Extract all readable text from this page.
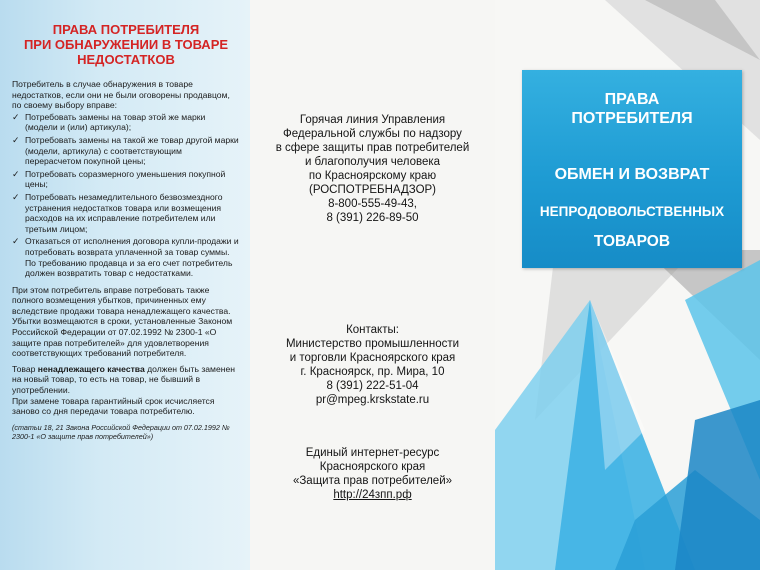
ПРАВА ПОТРЕБИТЕЛЯ
ПРИ ОБНАРУЖЕНИИ В ТОВАРЕ
НЕДОСТАТКОВ

Потребитель в случае обнаружения в товаре недостатков, если они не были оговорены продавцом, по своему выбору вправе:

✓ Потребовать замены на товар этой же марки (модели и (или) артикула);
✓ Потребовать замены на такой же товар другой марки (модели, артикула) с соответствующим перерасчетом покупной цены;
✓ Потребовать соразмерного уменьшения покупной цены;
✓ Потребовать незамедлительного безвозмездного устранения недостатков товара или возмещения расходов на их исправление потребителем или третьим лицом;
✓ Отказаться от исполнения договора купли-продажи и потребовать возврата уплаченной за товар суммы. По требованию продавца и за его счет потребитель должен возвратить товар с недостатками.

При этом потребитель вправе потребовать также полного возмещения убытков, причиненных ему вследствие продажи товара ненадлежащего качества. Убытки возмещаются в сроки, установленные Законом Российской Федерации от 07.02.1992 № 2300-1 «О защите прав потребителей» для удовлетворения соответствующих требований потребителя.

Товар ненадлежащего качества должен быть заменен на новый товар, то есть на товар, не бывший в употреблении.

При замене товара гарантийный срок исчисляется заново со дня передачи товара потребителю.

(статьи 18, 21 Закона Российской Федерации от 07.02.1992 № 2300-1 «О защите прав потребителей»)

Горячая линия Управления
Федеральной службы по надзору
в сфере защиты прав потребителей
и благополучия человека
по Красноярскому краю
(РОСПОТРЕБНАДЗОР)
8-800-555-49-43,
8 (391) 226-89-50
Контакты:
Министерство промышленности
и торговли Красноярского края
г. Красноярск, пр. Мира, 10
8 (391) 222-51-04
pr@mpeg.krskstate.ru
Единый интернет-ресурс
Красноярского края
«Защита прав потребителей»
http://24зпп.рф
ПРАВА
ПОТРЕБИТЕЛЯ
ОБМЕН И ВОЗВРАТ
НЕПРОДОВОЛЬСТВЕННЫХ
ТОВАРОВ
